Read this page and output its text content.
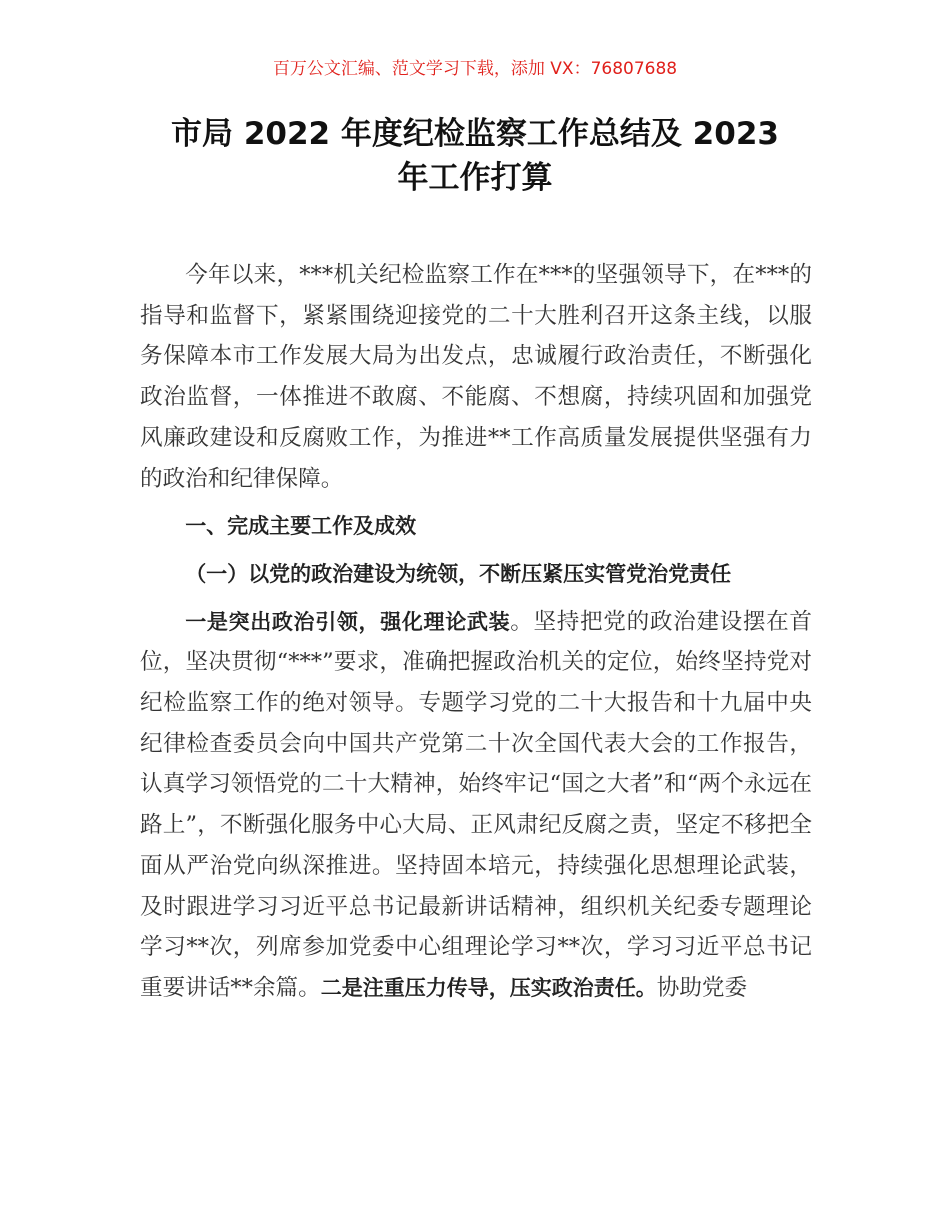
百万公文汇编、范文学习下载，添加 VX：76807688
市局 2022 年度纪检监察工作总结及 2023
年工作打算

今年以来，***机关纪检监察工作在***的坚强领导下，在***的指导和监督下，紧紧围绕迎接党的二十大胜利召开这条主线，以服务保障本市工作发展大局为出发点，忠诚履行政治责任，不断强化政治监督，一体推进不敢腐、不能腐、不想腐，持续巩固和加强党风廉政建设和反腐败工作，为推进**工作高质量发展提供坚强有力的政治和纪律保障。

一、完成主要工作及成效

（一）以党的政治建设为统领，不断压紧压实管党治党责任

一是突出政治引领，强化理论武装。坚持把党的政治建设摆在首位，坚决贯彻“***”要求，准确把握政治机关的定位，始终坚持党对纪检监察工作的绝对领导。专题学习党的二十大报告和十九届中央纪律检查委员会向中国共产党第二十次全国代表大会的工作报告，认真学习领悟党的二十大精神，始终牢记“国之大者”和“两个永远在路上”，不断强化服务中心大局、正风肃纪反腐之责，坚定不移把全面从严治党向纵深推进。坚持固本培元，持续强化思想理论武装，及时跟进学习习近平总书记最新讲话精神，组织机关纪委专题理论学习**次，列席参加党委中心组理论学习**次，学习习近平总书记重要讲话**余篇。二是注重压力传导，压实政治责任。协助党委
